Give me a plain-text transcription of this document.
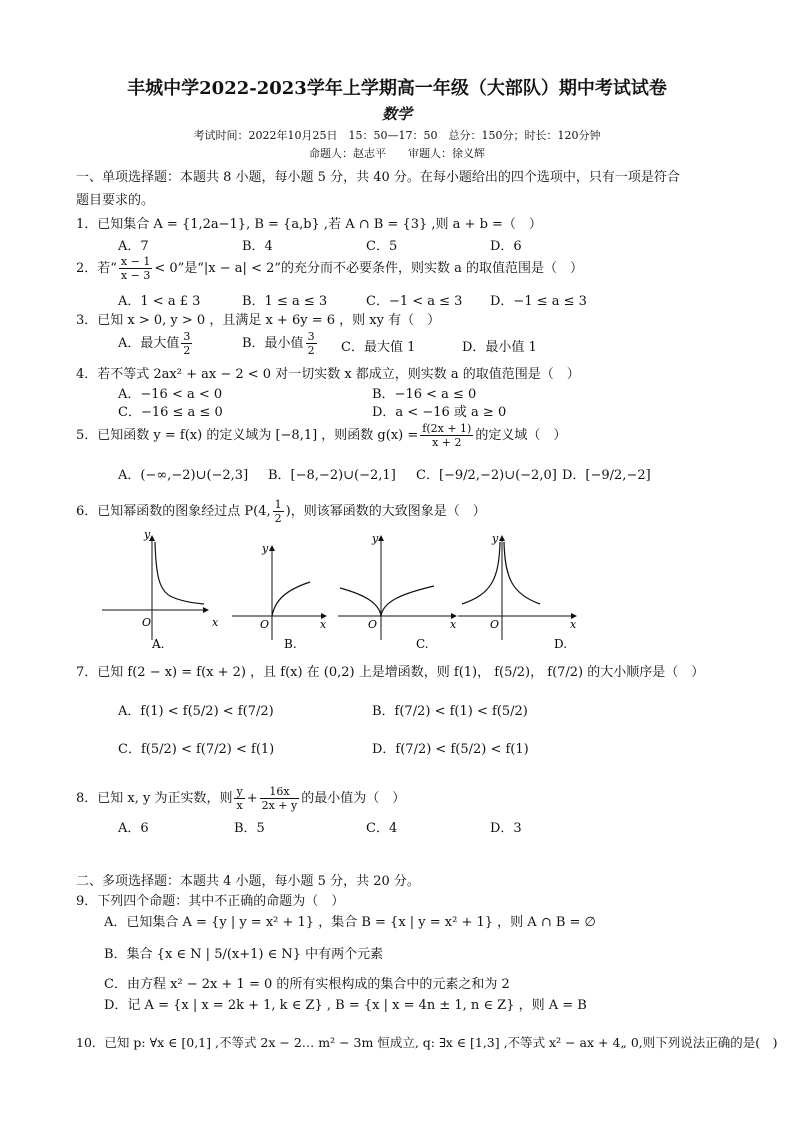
丰城中学2022-2023学年上学期高一年级（大部队）期中考试试卷
数学
考试时间：2022年10月25日　15：50—17：50　总分：150分；时长：120分钟
命题人：赵志平　　审题人：徐义辉
一、单项选择题：本题共 8 小题，每小题 5 分，共 40 分。在每小题给出的四个选项中，只有一项是符合
题目要求的。
1．已知集合 A = {1,2a−1}, B = {a,b} ,若 A ∩ B = {3} ,则 a + b =（　）
A．7	B．4	C．5	D．6
2．若“ $\frac{x - 1}{x - 3} < 0$”是“|x − a| < 2”的充分而不必要条件，则实数 a 的取值范围是（　）
A．1 < a £ 3	B．1 ≤ a ≤ 3	C．−1 < a ≤ 3 D．−1 ≤ a ≤ 3
3．已知 x > 0, y > 0 ，且满足 x + 6y = 6 ，则 xy 有（　）
A．最大值 $\frac{3}{2}$	B．最小值 $\frac{3}{2}$ C．最大值 1	D．最小值 1
4．若不等式 2ax² + ax − 2 < 0 对一切实数 x 都成立，则实数 a 的取值范围是（　）
A．−16 < a < 0	B．−16 < a ≤ 0
C．−16 ≤ a ≤ 0	D．a < −16 或 a ≥ 0
5．已知函数 y = f(x) 的定义域为 [−8,1] ，则函数 $g(x) = \frac{f(2x + 1)}{x + 2}$ 的定义域（　）
A．(−∞,−2)∪(−2,3] B．[−8,−2)∪(−2,1] C．[−9/2,−2)∪(−2,0] D．[−9/2,−2]
6．已知幂函数的图象经过点 P(4, $\frac{1}{2}$ )，则该幂函数的大致图象是（　）
y
x
O
A.
y
x
O
B.
y
x
O
C.
y
x
O
D.
7．已知 f(2 − x) = f(x + 2) ，且 f(x) 在 (0,2) 上是增函数，则 f(1)， f(5/2)， f(7/2) 的大小顺序是（　）
A．f(1) < f(5/2) < f(7/2)	B．f(7/2) < f(1) < f(5/2)
C．f(5/2) < f(7/2) < f(1)	D．f(7/2) < f(5/2) < f(1)
8．已知 x, y 为正实数，则 $\frac{y}{x} + \frac{16x}{2x + y}$ 的最小值为（　）
A．6	B．5	C．4	D．3
二、多项选择题：本题共 4 小题，每小题 5 分，共 20 分。
9．下列四个命题：其中不正确的命题为（　）
A．已知集合 A = {y | y = x² + 1} ，集合 B = {x | y = x² + 1} ，则 A ∩ B = ∅
B．集合 {x ∈ N | 5/(x+1) ∈ N} 中有两个元素
C．由方程 x² − 2x + 1 = 0 的所有实根构成的集合中的元素之和为 2
D．记 A = {x | x = 2k + 1, k ∈ Z} , B = {x | x = 4n ± 1, n ∈ Z} ，则 A = B
10．已知 p: ∀x ∈ [0,1] ,不等式 2x − 2… m² − 3m 恒成立, q: ∃x ∈ [1,3] ,不等式 x² − ax + 4„ 0,则下列说法正确的是(　)
